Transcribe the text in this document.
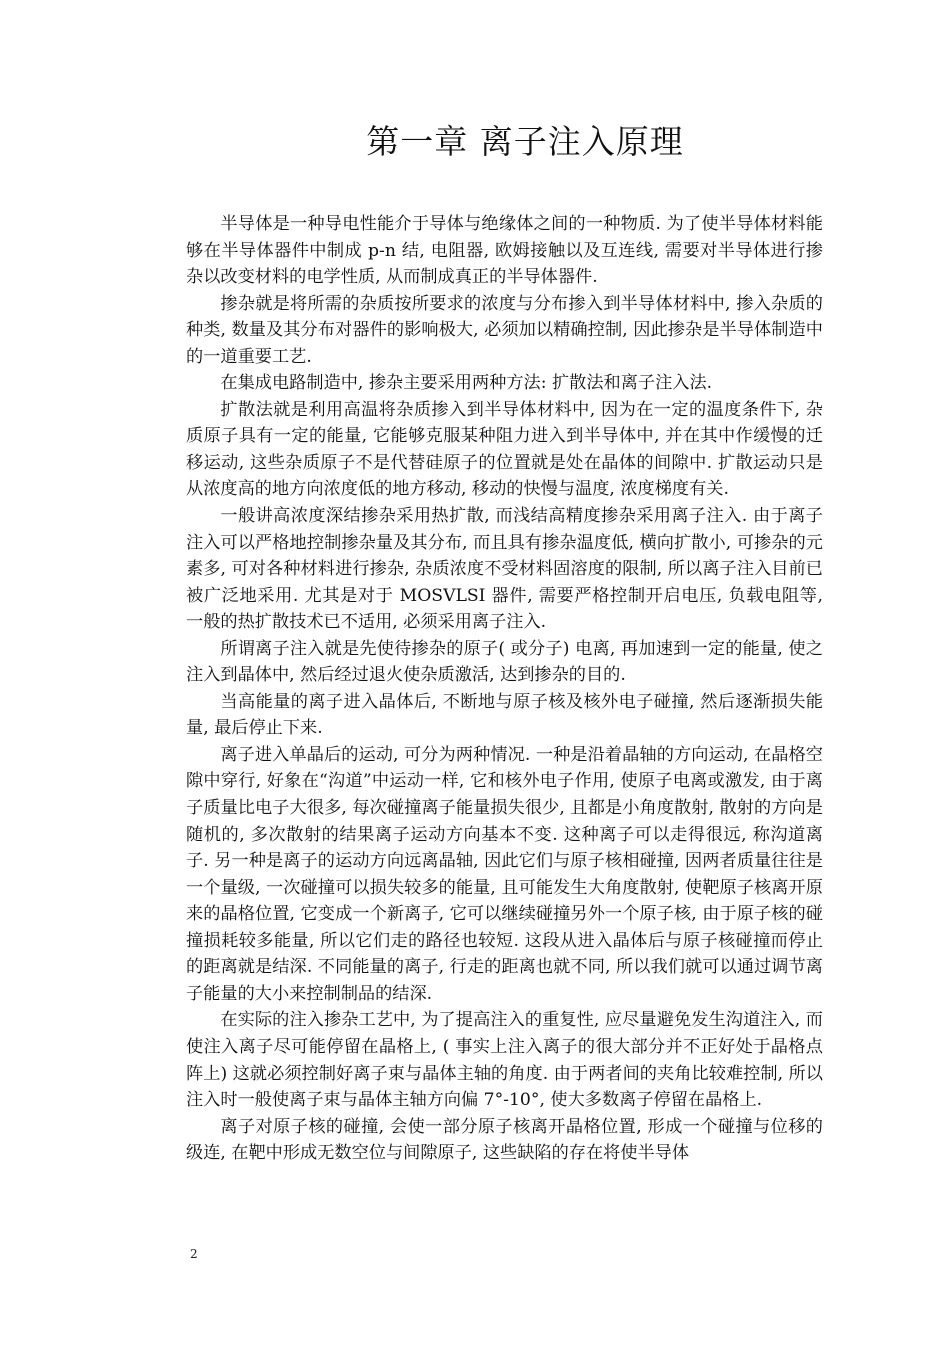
第一章 离子注入原理

半导体是一种导电性能介于导体与绝缘体之间的一种物质. 为了使半导体材料能够在半导体器件中制成 p-n 结, 电阻器, 欧姆接触以及互连线, 需要对半导体进行掺杂以改变材料的电学性质, 从而制成真正的半导体器件.

掺杂就是将所需的杂质按所要求的浓度与分布掺入到半导体材料中, 掺入杂质的种类, 数量及其分布对器件的影响极大, 必须加以精确控制, 因此掺杂是半导体制造中的一道重要工艺.

在集成电路制造中, 掺杂主要采用两种方法: 扩散法和离子注入法.

扩散法就是利用高温将杂质掺入到半导体材料中, 因为在一定的温度条件下, 杂质原子具有一定的能量, 它能够克服某种阻力进入到半导体中, 并在其中作缓慢的迁移运动, 这些杂质原子不是代替硅原子的位置就是处在晶体的间隙中. 扩散运动只是从浓度高的地方向浓度低的地方移动, 移动的快慢与温度, 浓度梯度有关.

一般讲高浓度深结掺杂采用热扩散, 而浅结高精度掺杂采用离子注入. 由于离子注入可以严格地控制掺杂量及其分布, 而且具有掺杂温度低, 横向扩散小, 可掺杂的元素多, 可对各种材料进行掺杂, 杂质浓度不受材料固溶度的限制, 所以离子注入目前已被广泛地采用. 尤其是对于 MOSVLSI 器件, 需要严格控制开启电压, 负载电阻等, 一般的热扩散技术已不适用, 必须采用离子注入.

所谓离子注入就是先使待掺杂的原子( 或分子) 电离, 再加速到一定的能量, 使之注入到晶体中, 然后经过退火使杂质激活, 达到掺杂的目的.

当高能量的离子进入晶体后, 不断地与原子核及核外电子碰撞, 然后逐渐损失能量, 最后停止下来.

离子进入单晶后的运动, 可分为两种情况. 一种是沿着晶轴的方向运动, 在晶格空隙中穿行, 好象在“沟道”中运动一样, 它和核外电子作用, 使原子电离或激发, 由于离子质量比电子大很多, 每次碰撞离子能量损失很少, 且都是小角度散射, 散射的方向是随机的, 多次散射的结果离子运动方向基本不变. 这种离子可以走得很远, 称沟道离子. 另一种是离子的运动方向远离晶轴, 因此它们与原子核相碰撞, 因两者质量往往是一个量级, 一次碰撞可以损失较多的能量, 且可能发生大角度散射, 使靶原子核离开原来的晶格位置, 它变成一个新离子, 它可以继续碰撞另外一个原子核, 由于原子核的碰撞损耗较多能量, 所以它们走的路径也较短. 这段从进入晶体后与原子核碰撞而停止的距离就是结深. 不同能量的离子, 行走的距离也就不同, 所以我们就可以通过调节离子能量的大小来控制制品的结深.

在实际的注入掺杂工艺中, 为了提高注入的重复性, 应尽量避免发生沟道注入, 而使注入离子尽可能停留在晶格上, ( 事实上注入离子的很大部分并不正好处于晶格点阵上) 这就必须控制好离子束与晶体主轴的角度. 由于两者间的夹角比较难控制, 所以注入时一般使离子束与晶体主轴方向偏 7°-10°, 使大多数离子停留在晶格上.

离子对原子核的碰撞, 会使一部分原子核离开晶格位置, 形成一个碰撞与位移的级连, 在靶中形成无数空位与间隙原子, 这些缺陷的存在将使半导体

2
